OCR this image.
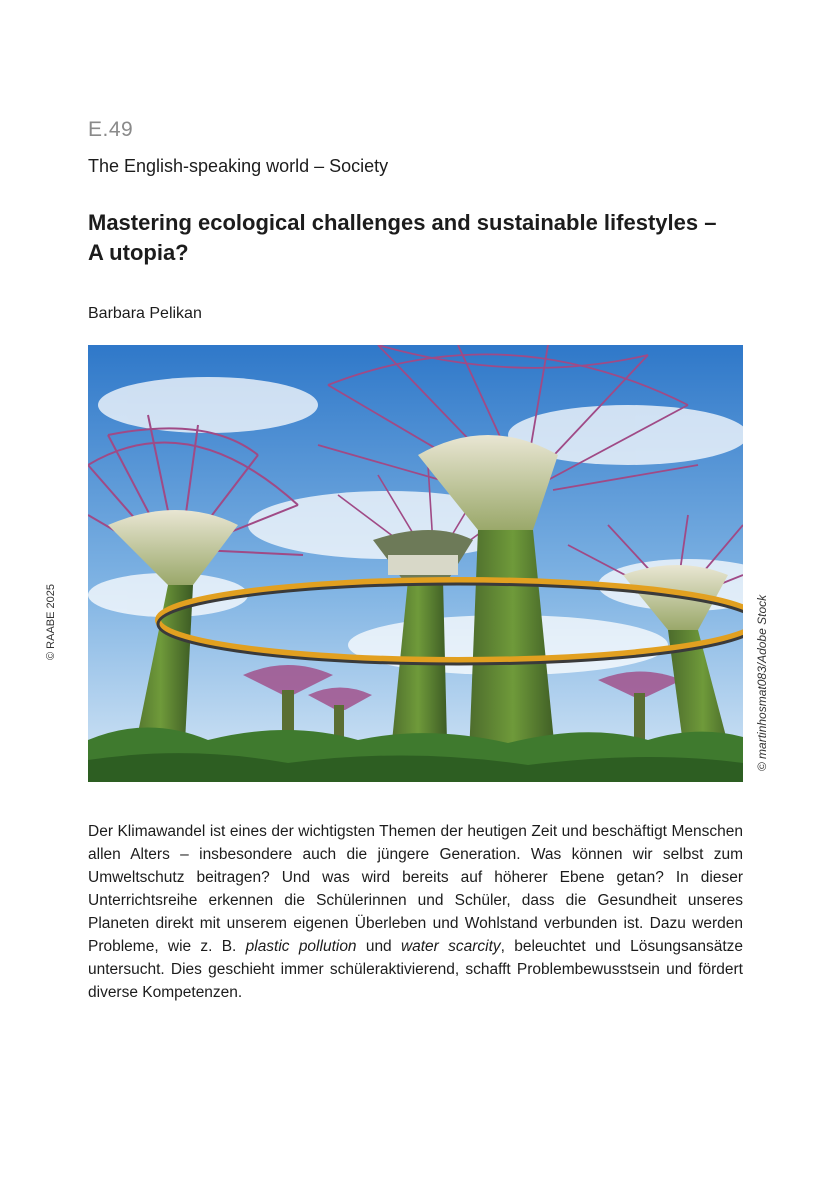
E.49
The English-speaking world – Society
Mastering ecological challenges and sustainable lifestyles –
A utopia?
Barbara Pelikan
© RAABE 2025	© martinhosmat083/Adobe Stock

Der Klimawandel ist eines der wichtigsten Themen der heutigen Zeit und beschäftigt Menschen allen Alters – insbesondere auch die jüngere Generation. Was können wir selbst zum Umweltschutz beitragen? Und was wird bereits auf höherer Ebene getan? In dieser Unterrichtsreihe erkennen die Schülerinnen und Schüler, dass die Gesundheit unseres Planeten direkt mit unserem eigenen Überleben und Wohlstand verbunden ist. Dazu werden Probleme, wie z. B. plastic pollution und water scarcity, beleuchtet und Lösungsansätze untersucht. Dies geschieht immer schüleraktivierend, schafft Problembewusstsein und fördert diverse Kompetenzen.
